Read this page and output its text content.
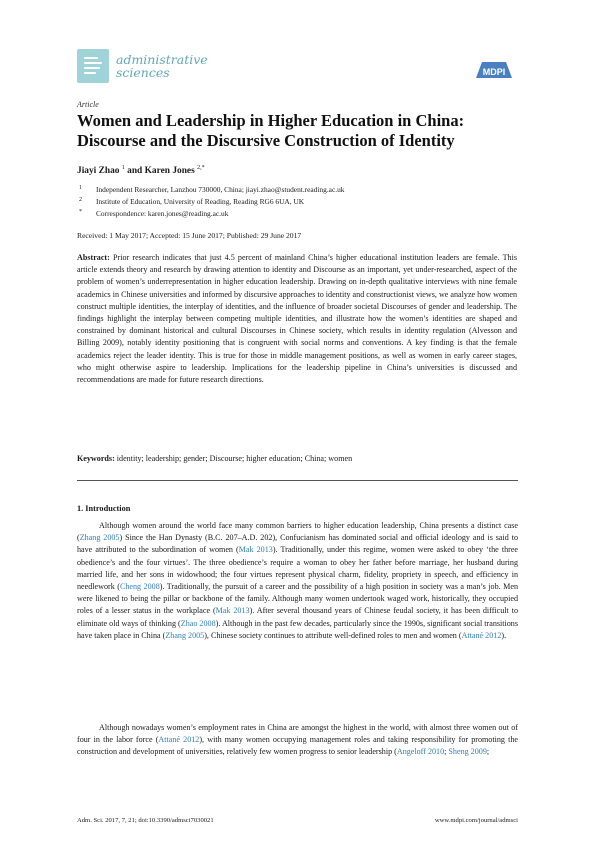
administrative
sciences	MDPI
Article
Women and Leadership in Higher Education in China: Discourse and the Discursive Construction of Identity
Jiayi Zhao $^1$ and Karen Jones $^{2,*}$
1 Independent Researcher, Lanzhou 730000, China; jiayi.zhao@student.reading.ac.uk
2 Institute of Education, University of Reading, Reading RG6 6UA, UK
* Correspondence: karen.jones@reading.ac.uk
Received: 1 May 2017; Accepted: 15 June 2017; Published: 29 June 2017
Abstract: Prior research indicates that just 4.5 percent of mainland China’s higher educational institution leaders are female. This article extends theory and research by drawing attention to identity and Discourse as an important, yet under-researched, aspect of the problem of women’s underrepresentation in higher education leadership. Drawing on in-depth qualitative interviews with nine female academics in Chinese universities and informed by discursive approaches to identity and constructionist views, we analyze how women construct multiple identities, the interplay of identities, and the influence of broader societal Discourses of gender and leadership. The findings highlight the interplay between competing multiple identities, and illustrate how the women’s identities are shaped and constrained by dominant historical and cultural Discourses in Chinese society, which results in identity regulation (Alvesson and Billing 2009), notably identity positioning that is congruent with social norms and conventions. A key finding is that the female academics reject the leader identity. This is true for those in middle management positions, as well as women in early career stages, who might otherwise aspire to leadership. Implications for the leadership pipeline in China’s universities is discussed and recommendations are made for future research directions.
Keywords: identity; leadership; gender; Discourse; higher education; China; women
1. Introduction
Although women around the world face many common barriers to higher education leadership, China presents a distinct case (Zhang 2005) Since the Han Dynasty (B.C. 207–A.D. 202), Confucianism has dominated social and official ideology and is said to have attributed to the subordination of women (Mak 2013). Traditionally, under this regime, women were asked to obey ‘the three obedience’s and the four virtues’. The three obedience’s require a woman to obey her father before marriage, her husband during married life, and her sons in widowhood; the four virtues represent physical charm, fidelity, propriety in speech, and efficiency in needlework (Cheng 2008). Traditionally, the pursuit of a career and the possibility of a high position in society was a man’s job. Men were likened to being the pillar or backbone of the family. Although many women undertook waged work, historically, they occupied roles of a lesser status in the workplace (Mak 2013). After several thousand years of Chinese feudal society, it has been difficult to eliminate old ways of thinking (Zhao 2008). Although in the past few decades, particularly since the 1990s, significant social transitions have taken place in China (Zhang 2005), Chinese society continues to attribute well-defined roles to men and women (Attané 2012).
Although nowadays women’s employment rates in China are amongst the highest in the world, with almost three women out of four in the labor force (Attané 2012), with many women occupying management roles and taking responsibility for promoting the construction and development of universities, relatively few women progress to senior leadership (Angeloff 2010; Sheng 2009;
Adm. Sci. 2017, 7, 21; doi:10.3390/admsci7030021	www.mdpi.com/journal/admsci
